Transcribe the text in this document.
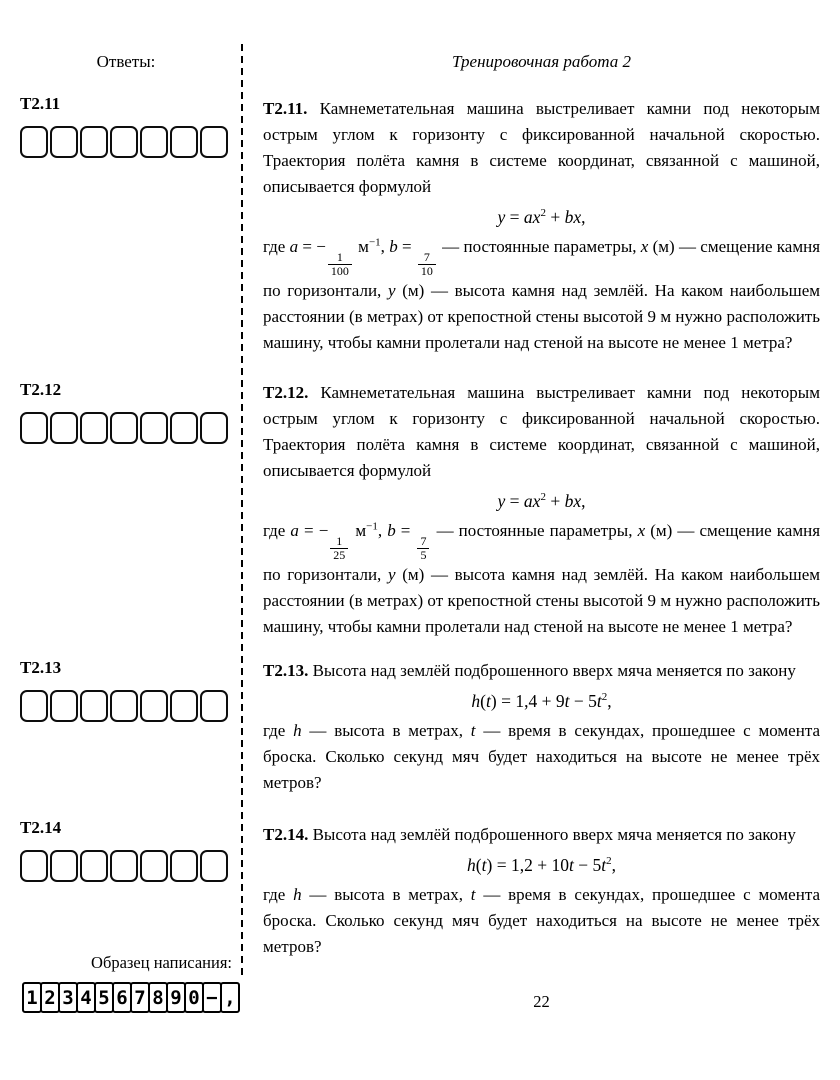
Ответы:
Т2.11
Т2.12
Т2.13
Т2.14
Образец написания:
1 2 3 4 5 6 7 8 9 0 − ,
Тренировочная работа 2

Т2.11. Камнеметательная машина выстреливает камни под некоторым острым углом к горизонту с фиксированной начальной скоростью. Траектория полёта камня в системе координат, связанной с машиной, описывается формулой

$y = ax^2$ + bx,

где a = −
$\frac{1}{100}$
$м^{-1}$, b =
$\frac{7}{10}$
— постоянные параметры, x (м) — смещение камня по горизонтали, y (м) — высота камня над землёй. На каком наибольшем расстоянии (в метрах) от крепостной стены высотой 9 м нужно расположить машину, чтобы камни пролетали над стеной на высоте не менее 1 метра?

Т2.12. Камнеметательная машина выстреливает камни под некоторым острым углом к горизонту с фиксированной начальной скоростью. Траектория полёта камня в системе координат, связанной с машиной, описывается формулой

$y = ax^2$ + bx,

где a = −
$\frac{1}{25}$
$м^{-1}$, b =
$\frac{7}{5}$
— постоянные параметры, x (м) — смещение камня по горизонтали, y (м) — высота камня над землёй. На каком наибольшем расстоянии (в метрах) от крепостной стены высотой 9 м нужно расположить машину, чтобы камни пролетали над стеной на высоте не менее 1 метра?

Т2.13. Высота над землёй подброшенного вверх мяча меняется по закону

$h(t) = 1,4 + 9t - 5t^2$,

где h — высота в метрах, t — время в секундах, прошедшее с момента броска. Сколько секунд мяч будет находиться на высоте не менее трёх метров?

Т2.14. Высота над землёй подброшенного вверх мяча меняется по закону

$h(t) = 1,2 + 10t - 5t^2$,

где h — высота в метрах, t — время в секундах, прошедшее с момента броска. Сколько секунд мяч будет находиться на высоте не менее трёх метров?

22
